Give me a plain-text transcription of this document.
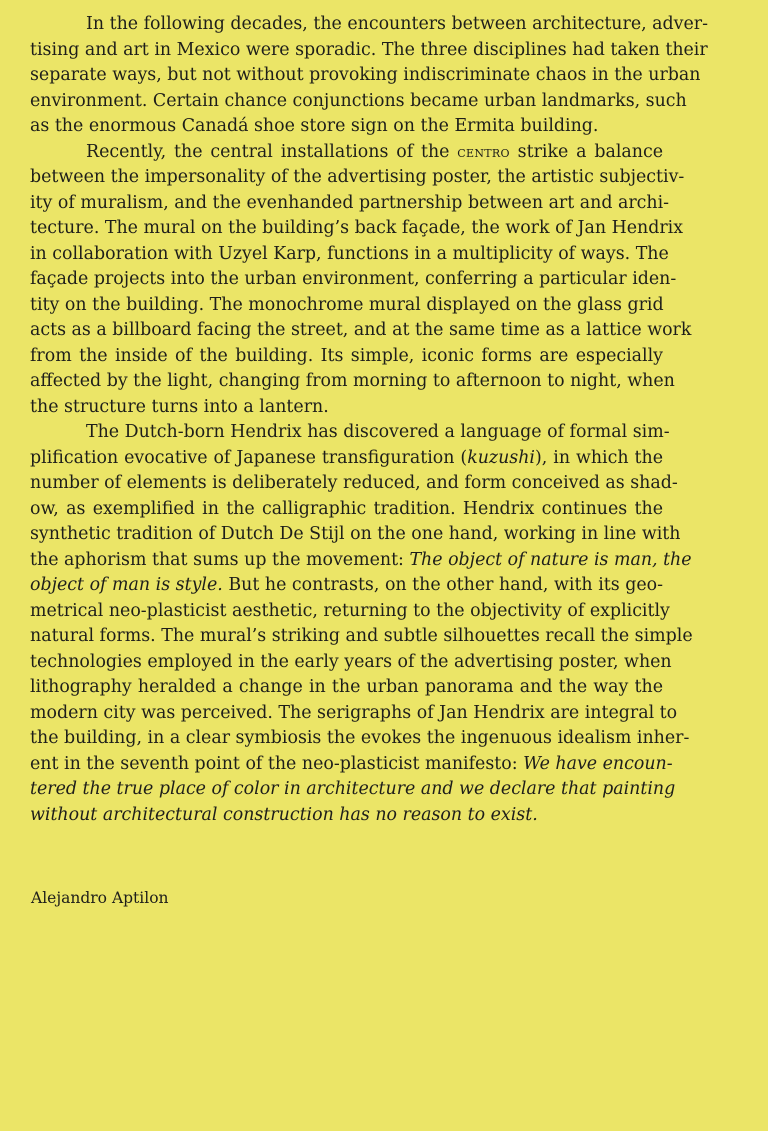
In the following decades, the encounters between architecture, adver-
tising and art in Mexico were sporadic. The three disciplines had taken their
separate ways, but not without provoking indiscriminate chaos in the urban
environment. Certain chance conjunctions became urban landmarks, such
as the enormous Canadá shoe store sign on the Ermita building.
Recently, the central installations of the centro strike a balance
between the impersonality of the advertising poster, the artistic subjectiv-
ity of muralism, and the evenhanded partnership between art and archi-
tecture. The mural on the building’s back façade, the work of Jan Hendrix
in collaboration with Uzyel Karp, functions in a multiplicity of ways. The
façade projects into the urban environment, conferring a particular iden-
tity on the building. The monochrome mural displayed on the glass grid
acts as a billboard facing the street, and at the same time as a lattice work
from the inside of the building. Its simple, iconic forms are especially
affected by the light, changing from morning to afternoon to night, when
the structure turns into a lantern.
The Dutch-born Hendrix has discovered a language of formal sim-
plification evocative of Japanese transfiguration (kuzushi), in which the
number of elements is deliberately reduced, and form conceived as shad-
ow, as exemplified in the calligraphic tradition. Hendrix continues the
synthetic tradition of Dutch De Stijl on the one hand, working in line with
the aphorism that sums up the movement: The object of nature is man, the
object of man is style. But he contrasts, on the other hand, with its geo-
metrical neo-plasticist aesthetic, returning to the objectivity of explicitly
natural forms. The mural’s striking and subtle silhouettes recall the simple
technologies employed in the early years of the advertising poster, when
lithography heralded a change in the urban panorama and the way the
modern city was perceived. The serigraphs of Jan Hendrix are integral to
the building, in a clear symbiosis the evokes the ingenuous idealism inher-
ent in the seventh point of the neo-plasticist manifesto: We have encoun-
tered the true place of color in architecture and we declare that painting
without architectural construction has no reason to exist.
Alejandro Aptilon
